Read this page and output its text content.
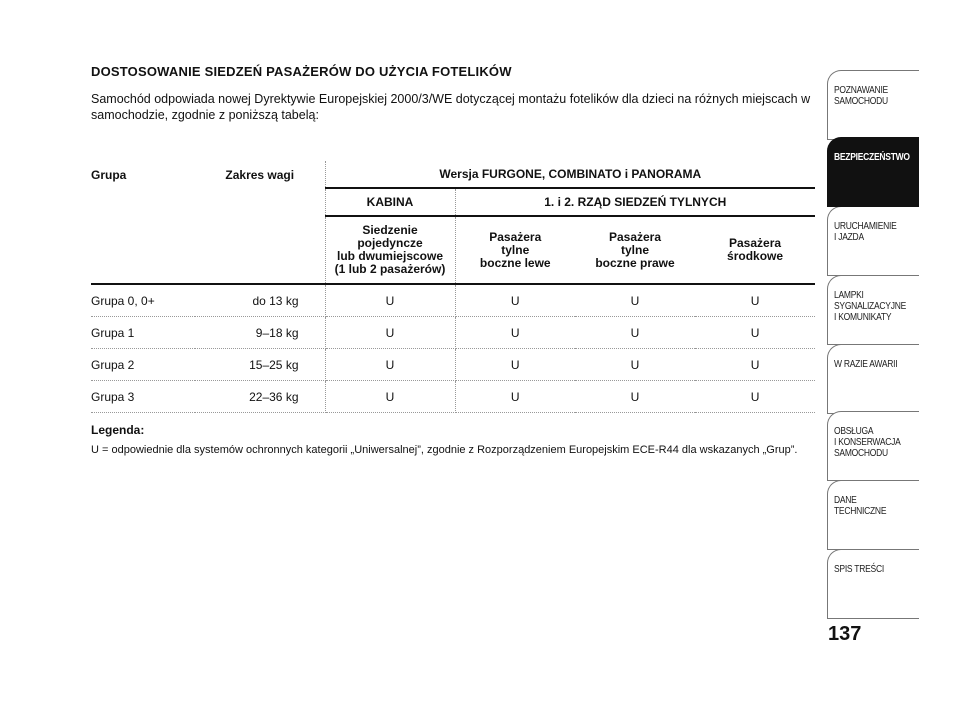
DOSTOSOWANIE SIEDZEŃ PASAŻERÓW DO UŻYCIA FOTELIKÓW
Samochód odpowiada nowej Dyrektywie Europejskiej 2000/3/WE dotyczącej montażu fotelików dla dzieci na różnych miejscach w samochodzie, zgodnie z poniższą tabelą:
Grupa	Zakres wagi	Wersja FURGONE, COMBINATO i PANORAMA			
		KABINA	1. i 2. RZĄD SIEDZEŃ TYLNYCH		
		Siedzenie
pojedyncze
lub dwumiejscowe
(1 lub 2 pasażerów)	Pasażera
tylne
boczne lewe	Pasażera
tylne
boczne prawe	Pasażera
środkowe
Grupa 0, 0+	do 13 kg	U	U	U	U
Grupa 1	9–18 kg	U	U	U	U
Grupa 2	15–25 kg	U	U	U	U
Grupa 3	22–36 kg	U	U	U	U
Legenda:
U = odpowiednie dla systemów ochronnych kategorii „Uniwersalnej”, zgodnie z Rozporządzeniem Europejskim ECE-R44 dla wskazanych „Grup”.
POZNAWANIE
SAMOCHODU
BEZPIECZEŃSTWO
URUCHAMIENIE
I JAZDA
LAMPKI
SYGNALIZACYJNE
I KOMUNIKATY
W RAZIE AWARII
OBSŁUGA
I KONSERWACJA
SAMOCHODU
DANE TECHNICZNE
SPIS TREŚCI
137
